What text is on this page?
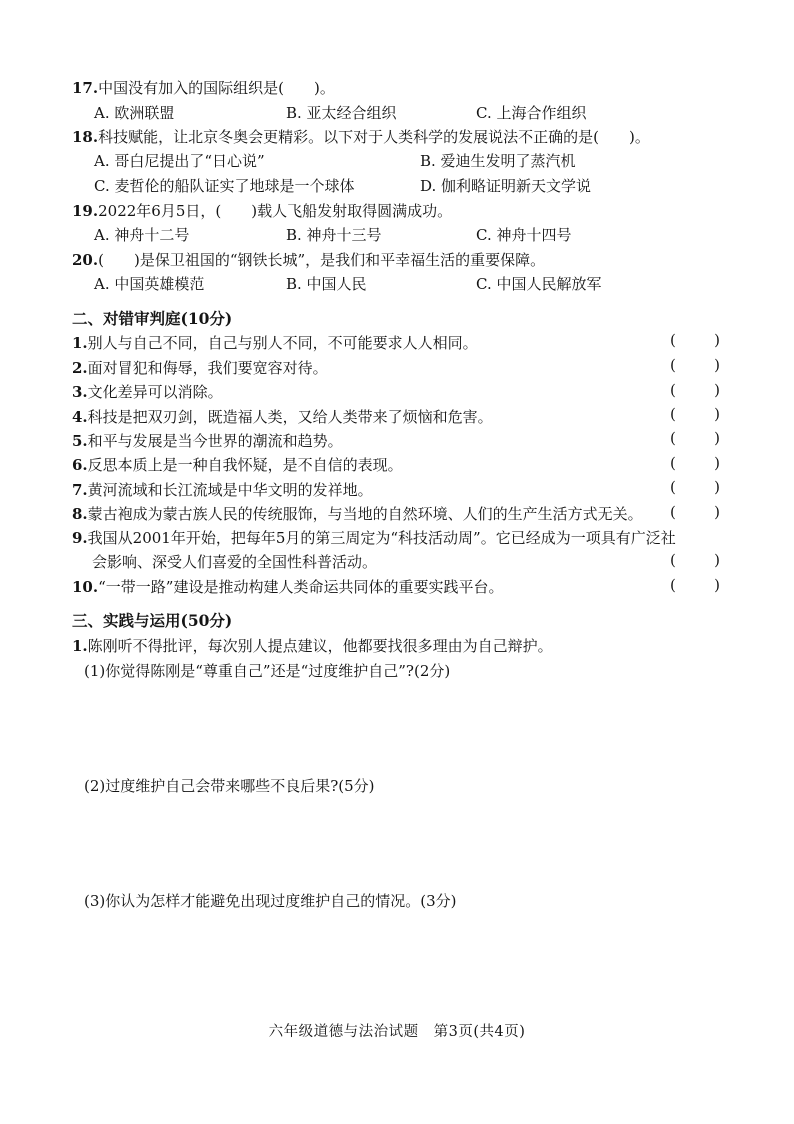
17.中国没有加入的国际组织是(　　)。
A. 欧洲联盟	B. 亚太经合组织	C. 上海合作组织
18.科技赋能，让北京冬奥会更精彩。以下对于人类科学的发展说法不正确的是(　　)。
A. 哥白尼提出了“日心说”	B. 爱迪生发明了蒸汽机
C. 麦哲伦的船队证实了地球是一个球体	D. 伽利略证明新天文学说
19.2022年6月5日，(　　)载人飞船发射取得圆满成功。
A. 神舟十二号	B. 神舟十三号	C. 神舟十四号
20.(　　)是保卫祖国的“钢铁长城”，是我们和平幸福生活的重要保障。
A. 中国英雄模范	B. 中国人民	C. 中国人民解放军
二、对错审判庭(10分)
1.别人与自己不同，自己与别人不同，不可能要求人人相同。	(	)
2.面对冒犯和侮辱，我们要宽容对待。	(	)
3.文化差异可以消除。	(	)
4.科技是把双刃剑，既造福人类，又给人类带来了烦恼和危害。	(	)
5.和平与发展是当今世界的潮流和趋势。	(	)
6.反思本质上是一种自我怀疑，是不自信的表现。	(	)
7.黄河流域和长江流域是中华文明的发祥地。	(	)
8.蒙古袍成为蒙古族人民的传统服饰，与当地的自然环境、人们的生产生活方式无关。 (	)
9.我国从2001年开始，把每年5月的第三周定为“科技活动周”。它已经成为一项具有广泛社
会影响、深受人们喜爱的全国性科普活动。	(	)
10.“一带一路”建设是推动构建人类命运共同体的重要实践平台。	(	)
三、实践与运用(50分)
1.陈刚听不得批评，每次别人提点建议，他都要找很多理由为自己辩护。
(1)你觉得陈刚是“尊重自己”还是“过度维护自己”?(2分)
(2)过度维护自己会带来哪些不良后果?(5分)
(3)你认为怎样才能避免出现过度维护自己的情况。(3分)
六年级道德与法治试题　第3页(共4页)
